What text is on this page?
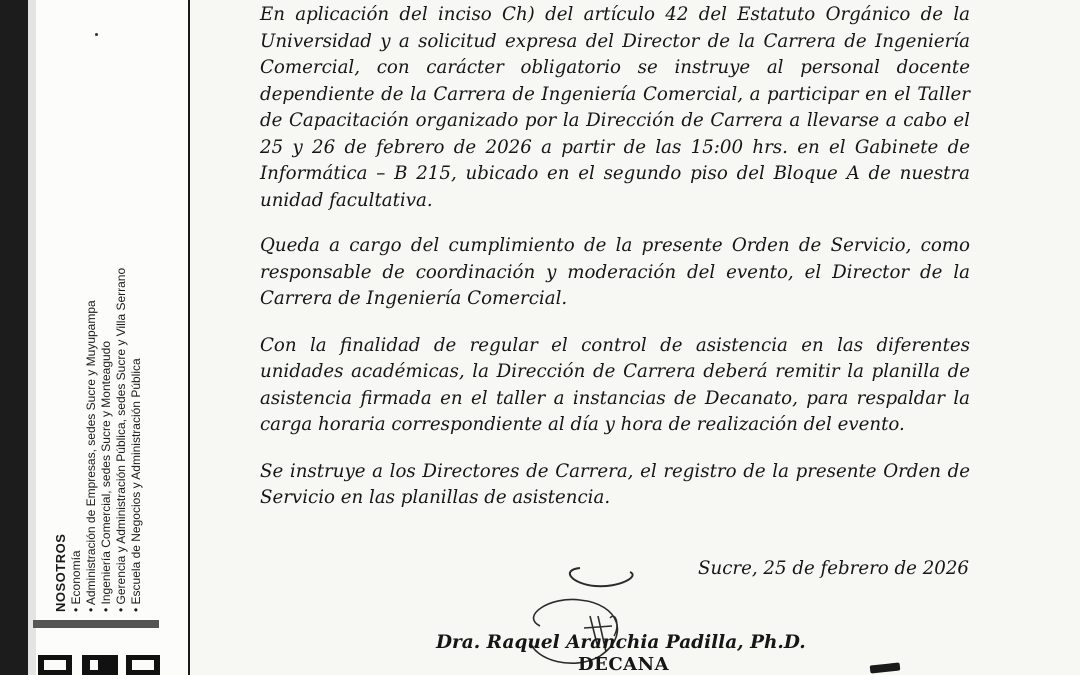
NOSOTROS • Economía • Administración de Empresas, sedes Sucre y Muyupampa • Ingeniería Comercial, sedes Sucre y Monteagudo • Gerencia y Administración Pública, sedes Sucre y Villa Serrano • Escuela de Negocios y Administración Pública

En aplicación del inciso Ch) del artículo 42 del Estatuto Orgánico de la Universidad y a solicitud expresa del Director de la Carrera de Ingeniería Comercial, con carácter obligatorio se instruye al personal docente dependiente de la Carrera de Ingeniería Comercial, a participar en el Taller de Capacitación organizado por la Dirección de Carrera a llevarse a cabo el 25 y 26 de febrero de 2026 a partir de las 15:00 hrs. en el Gabinete de Informática – B 215, ubicado en el segundo piso del Bloque A de nuestra unidad facultativa.

Queda a cargo del cumplimiento de la presente Orden de Servicio, como responsable de coordinación y moderación del evento, el Director de la Carrera de Ingeniería Comercial.

Con la finalidad de regular el control de asistencia en las diferentes unidades académicas, la Dirección de Carrera deberá remitir la planilla de asistencia firmada en el taller a instancias de Decanato, para respaldar la carga horaria correspondiente al día y hora de realización del evento.

Se instruye a los Directores de Carrera, el registro de la presente Orden de Servicio en las planillas de asistencia.

Sucre, 25 de febrero de 2026
Dra. Raquel Aranchia Padilla, Ph.D.
DECANA
